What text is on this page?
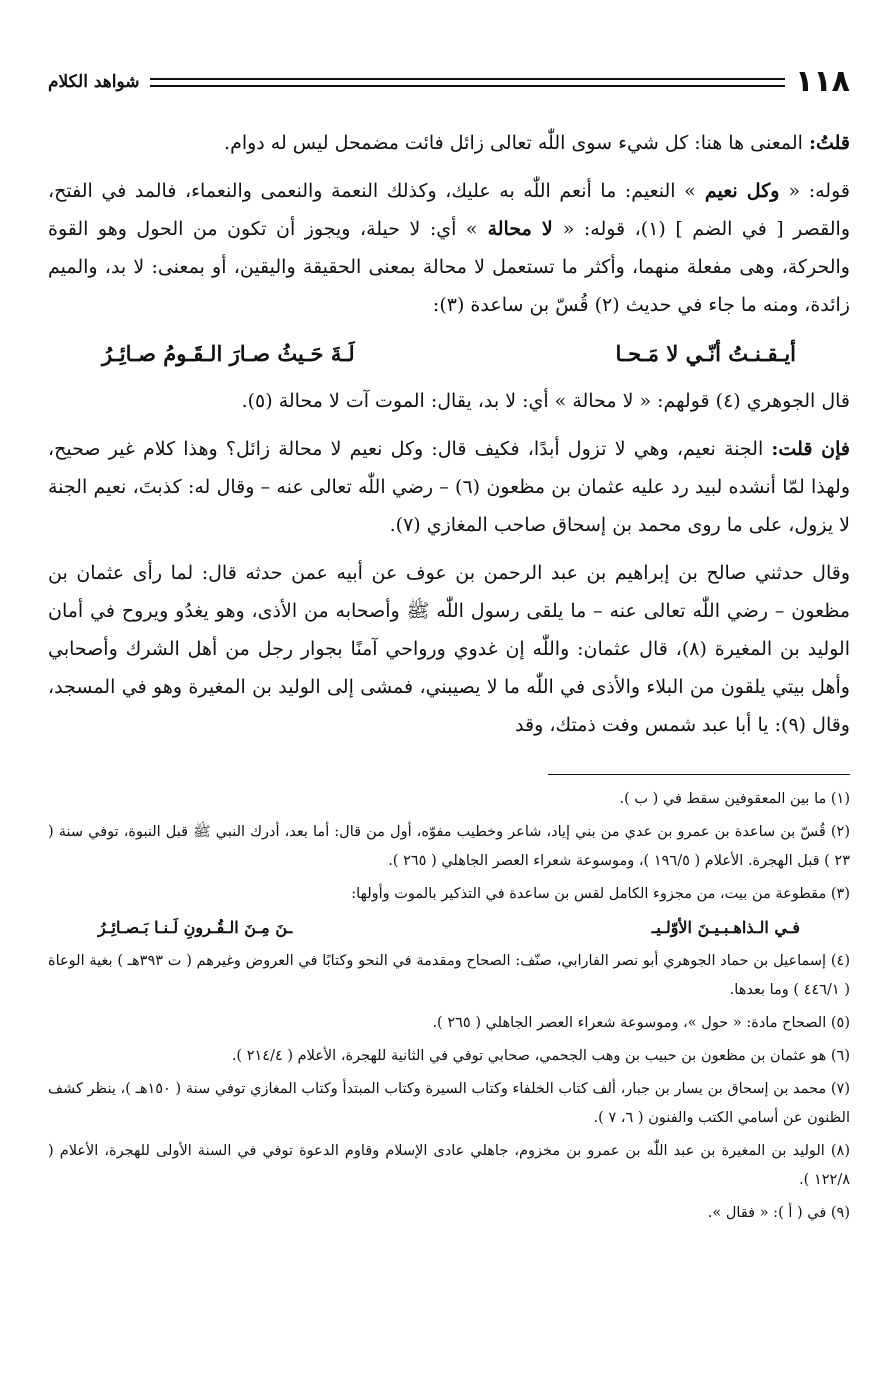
١١٨
شواهد الكلام

قلتُ: المعنى ها هنا: كل شيء سوى اللّٰه تعالى زائل فائت مضمحل ليس له دوام.

قوله: « وكل نعيم » النعيم: ما أنعم اللّٰه به عليك، وكذلك النعمة والنعمى والنعماء، فالمد في الفتح، والقصر [ في الضم ] (١)، قوله: « لا محالة » أي: لا حيلة، ويجوز أن تكون من الحول وهو القوة والحركة، وهى مفعلة منهما، وأكثر ما تستعمل لا محالة بمعنى الحقيقة واليقين، أو بمعنى: لا بد، والميم زائدة، ومنه ما جاء في حديث (٢) قُسّ بن ساعدة (٣):

أيـقـنـتُ أنّـي لا مَـحـا
لَـةَ حَـيثُ صـارَ الـقَـومُ صـائِـرُ

قال الجوهري (٤) قولهم: « لا محالة » أي: لا بد، يقال: الموت آت لا محالة (٥).

فإن قلت: الجنة نعيم، وهي لا تزول أبدًا، فكيف قال: وكل نعيم لا محالة زائل؟ وهذا كلام غير صحيح، ولهذا لمّا أنشده لبيد رد عليه عثمان بن مظعون (٦) – رضي اللّٰه تعالى عنه – وقال له: كذبتَ، نعيم الجنة لا يزول، على ما روى محمد بن إسحاق صاحب المغازي (٧).

وقال حدثني صالح بن إبراهيم بن عبد الرحمن بن عوف عن أبيه عمن حدثه قال: لما رأى عثمان بن مظعون – رضي اللّٰه تعالى عنه – ما يلقى رسول اللّٰه ﷺ وأصحابه من الأذى، وهو يغدُو ويروح في أمان الوليد بن المغيرة (٨)، قال عثمان: واللّٰه إن غدوي ورواحي آمنًا بجوار رجل من أهل الشرك وأصحابي وأهل بيتي يلقون من البلاء والأذى في اللّٰه ما لا يصيبني، فمشى إلى الوليد بن المغيرة وهو في المسجد، وقال (٩): يا أبا عبد شمس وفت ذمتك، وقد

(١) ما بين المعقوفين سقط في ( ب ).

(٢) قُسّ بن ساعدة بن عمرو بن عدي من بني إياد، شاعر وخطيب مفوّه، أول من قال: أما بعد، أدرك النبي ﷺ قبل النبوة، توفي سنة ( ٢٣ ) قبل الهجرة. الأعلام ( ١٩٦/٥ )، وموسوعة شعراء العصر الجاهلي ( ٢٦٥ ).

(٣) مقطوعة من بيت، من مجزوء الكامل لقس بن ساعدة في التذكير بالموت وأولها:

فـي الـذاهـبـيـنَ الأوّلـيـ
ـنَ مِـنَ الـقُـرونِ لَـنـا بَـصـائِـرُ

(٤) إسماعيل بن حماد الجوهري أبو نصر الفارابي، صنّف: الصحاح ومقدمة في النحو وكتابًا في العروض وغيرهم ( ت ٣٩٣هـ ) بغية الوعاة ( ٤٤٦/١ ) وما بعدها.

(٥) الصحاح مادة: « حول »، وموسوعة شعراء العصر الجاهلي ( ٢٦٥ ).

(٦) هو عثمان بن مظعون بن حبيب بن وهب الجحمي، صحابي توفي في الثانية للهجرة، الأعلام ( ٢١٤/٤ ).

(٧) محمد بن إسحاق بن يسار بن جبار، ألف كتاب الخلفاء وكتاب السيرة وكتاب المبتدأ وكتاب المغازي توفي سنة ( ١٥٠هـ )، ينظر كشف الظنون عن أسامي الكتب والفنون ( ٦، ٧ ).

(٨) الوليد بن المغيرة بن عبد اللّٰه بن عمرو بن مخزوم، جاهلي عادى الإسلام وقاوم الدعوة توفي في السنة الأولى للهجرة، الأعلام ( ١٢٢/٨ ).

(٩) في ( أ ): « فقال ».
